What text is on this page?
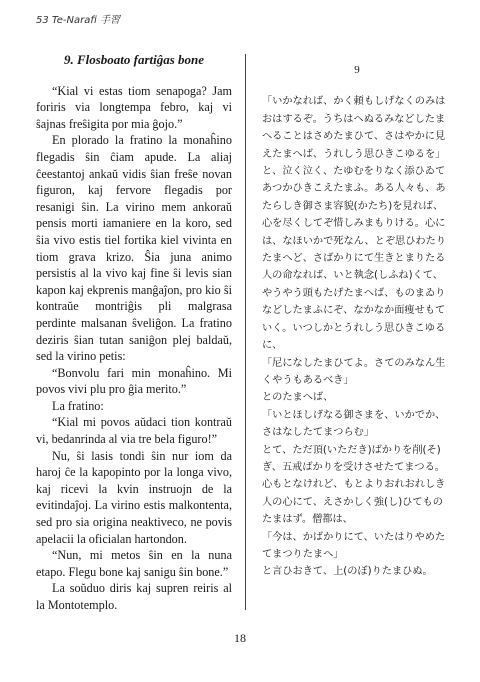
53 Te-Narafi 手習
9. Flosboato fartiĝas bone

“Kial vi estas tiom senapoga? Jam foriris via longtempa febro, kaj vi ŝajnas freŝigita por mia ĝojo.”

En plorado la fratino la monaĥino flegadis ŝin ĉiam apude. La aliaj ĉeestantoj ankaŭ vidis ŝian freŝe novan figuron, kaj fervore flegadis por resanigi ŝin. La virino mem ankoraŭ pensis morti iamaniere en la koro, sed ŝia vivo estis tiel fortika kiel vivinta en tiom grava krizo. Ŝia juna animo persistis al la vivo kaj fine ŝi levis sian kapon kaj ekprenis manĝaĵon, pro kio ŝi kontraŭe montriĝis pli malgrasa perdinte malsanan ŝveliĝon. La fratino deziris ŝian tutan saniĝon plej baldaŭ, sed la virino petis:

“Bonvolu fari min monaĥino. Mi povos vivi plu pro ĝia merito.”

La fratino:

“Kial mi povos aŭdaci tion kontraŭ vi, bedanrinda al via tre bela figuro!”

Nu, ŝi lasis tondi ŝin nur iom da haroj ĉe la kapopinto por la longa vivo, kaj ricevi la kvin instruojn de la evitindaĵoj. La virino estis malkontenta, sed pro sia origina neaktiveco, ne povis apelacii la oficialan hartondon.

“Nun, mi metos ŝin en la nuna etapo. Flegu bone kaj sanigu ŝin bone.”

La soŭduo diris kaj supren reiris al la Montotemplo.

9

「いかなれば、かく頼もしげなくのみはおはするぞ。うちはへぬるみなどしたまへることはさめたまひて、さはやかに見えたまへば、うれしう思ひきこゆるを」

と、泣く泣く、たゆむをりなく添ひゐてあつかひきこえたまふ。ある人々も、あたらしき御さま容貌(かたち)を見れば、心を尽くしてぞ惜しみまもりける。心には、なほいかで死なん、とぞ思ひわたりたまへど、さばかりにて生きとまりたる人の命なれば、いと執念(しふね)くて、やうやう頭もたげたまへば、ものまゐりなどしたまふにぞ、なかなか面痩せもていく。いつしかとうれしう思ひきこゆるに、

「尼になしたまひてよ。さてのみなん生くやうもあるべき」

とのたまへば、

「いとほしげなる御さまを、いかでか、さはなしたてまつらむ」

とて、ただ頂(いただき)ばかりを削(そ)ぎ、五戒ばかりを受けさせたてまつる。心もとなけれど、もとよりおれおれしき人の心にて、えさかしく強(し)ひてものたまはず。僧都は、

「今は、かばかりにて、いたはりやめたてまつりたまへ」

と言ひおきて、上(のぼ)りたまひぬ。

18
